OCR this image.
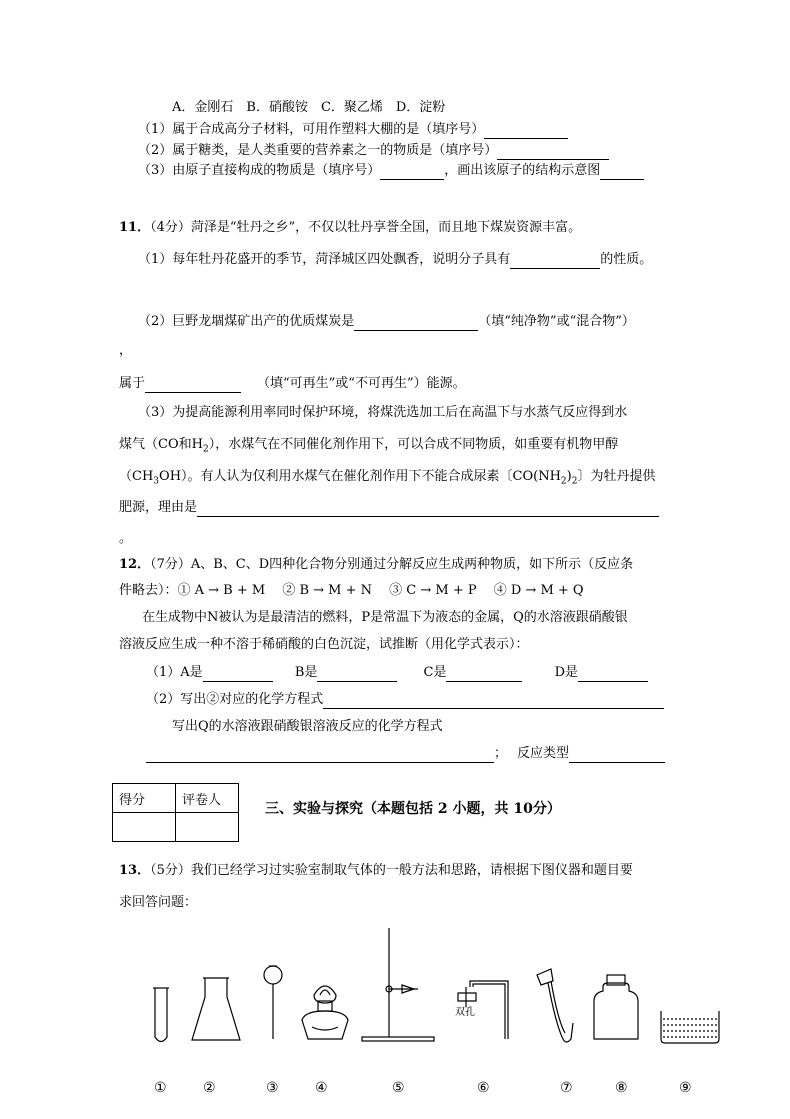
A．金刚石　B．硝酸铵　C．聚乙烯　D．淀粉
（1）属于合成高分子材料，可用作塑料大棚的是（填序号）
（2）属于糖类，是人类重要的营养素之一的物质是（填序号）
（3）由原子直接构成的物质是（填序号）	，画出该原子的结构示意图
11．（4分）菏泽是“牡丹之乡”，不仅以牡丹享誉全国，而且地下煤炭资源丰富。
（1）每年牡丹花盛开的季节，菏泽城区四处飘香，说明分子具有	的性质。
（2）巨野龙堌煤矿出产的优质煤炭是	（填“纯净物”或“混合物”）
，
属于	（填“可再生”或“不可再生”）能源。
（3）为提高能源利用率同时保护环境，将煤洗选加工后在高温下与水蒸气反应得到水
煤气（CO和$H_2$），水煤气在不同催化剂作用下，可以合成不同物质，如重要有机物甲醇
$(CH_3OH)$。有人认为仅利用水煤气在催化剂作用下不能合成尿素〔$CO(NH_2)_2$〕为牡丹提供
肥源，理由是
。
12．（7分）A、B、C、D四种化合物分别通过分解反应生成两种物质，如下所示（反应条
件略去）：① A → B + M　 ② B → M + N　 ③ C → M + P　 ④ D → M + Q
在生成物中N被认为是最清洁的燃料，P是常温下为液态的金属，Q的水溶液跟硝酸银
溶液反应生成一种不溶于稀硝酸的白色沉淀，试推断（用化学式表示）：
（1）A是	B是	C是	D是
（2）写出②对应的化学方程式
写出Q的水溶液跟硝酸银溶液反应的化学方程式
； 反应类型
得分	评卷人

三、实验与探究（本题包括 2 小题，共 10分）
13．（5分）我们已经学习过实验室制取气体的一般方法和思路，请根据下图仪器和题目要
求回答问题：
双孔
①	②	③	④	⑤	⑥	⑦	⑧	⑨
